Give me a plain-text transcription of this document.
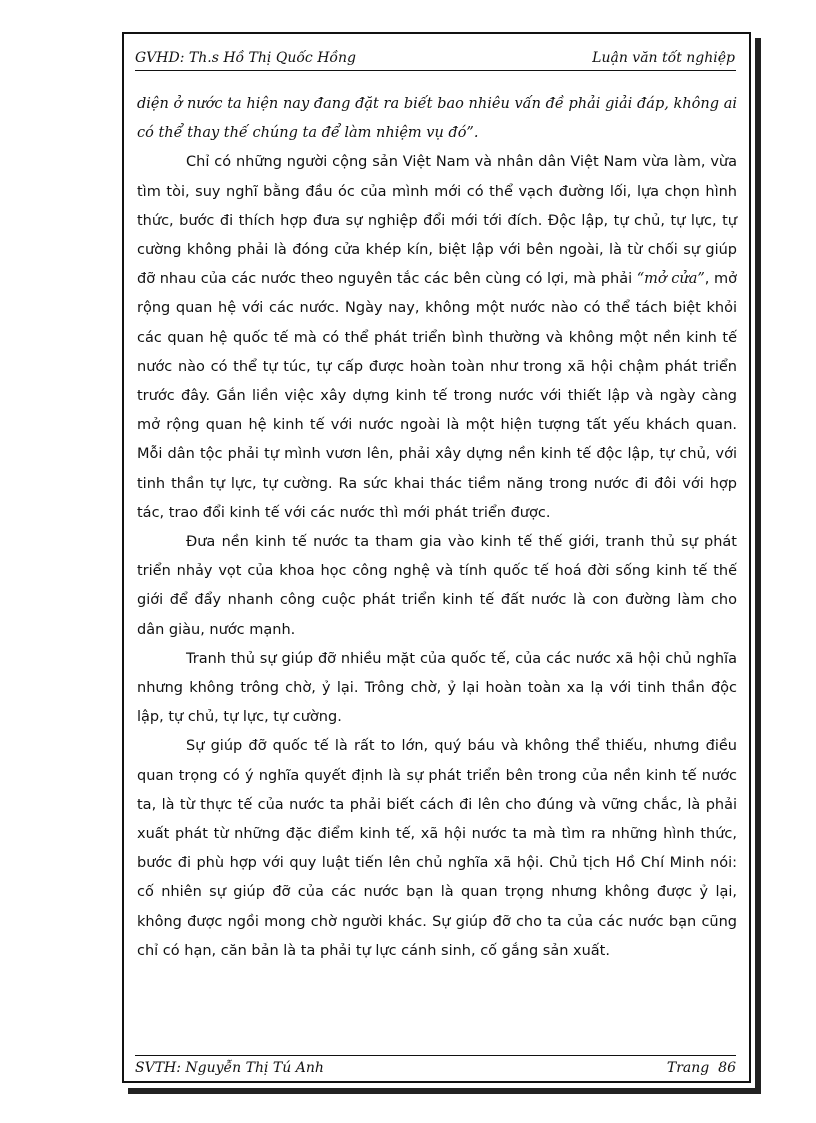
GVHD: Th.s Hồ Thị Quốc Hồng	Luận văn tốt nghiệp

diện ở nước ta hiện nay đang đặt ra biết bao nhiêu vấn đề phải giải đáp, không ai có thể thay thế chúng ta để làm nhiệm vụ đó”.

Chỉ có những người cộng sản Việt Nam và nhân dân Việt Nam vừa làm, vừa tìm tòi, suy nghĩ bằng đầu óc của mình mới có thể vạch đường lối, lựa chọn hình thức, bước đi thích hợp đưa sự nghiệp đổi mới tới đích. Độc lập, tự chủ, tự lực, tự cường không phải là đóng cửa khép kín, biệt lập với bên ngoài, là từ chối sự giúp đỡ nhau của các nước theo nguyên tắc các bên cùng có lợi, mà phải “mở cửa”, mở rộng quan hệ với các nước. Ngày nay, không một nước nào có thể tách biệt khỏi các quan hệ quốc tế mà có thể phát triển bình thường và không một nền kinh tế nước nào có thể tự túc, tự cấp được hoàn toàn như trong xã hội chậm phát triển trước đây. Gắn liền việc xây dựng kinh tế trong nước với thiết lập và ngày càng mở rộng quan hệ kinh tế với nước ngoài là một hiện tượng tất yếu khách quan. Mỗi dân tộc phải tự mình vươn lên, phải xây dựng nền kinh tế độc lập, tự chủ, với tinh thần tự lực, tự cường. Ra sức khai thác tiềm năng trong nước đi đôi với hợp tác, trao đổi kinh tế với các nước thì mới phát triển được.

Đưa nền kinh tế nước ta tham gia vào kinh tế thế giới, tranh thủ sự phát triển nhảy vọt của khoa học công nghệ và tính quốc tế hoá đời sống kinh tế thế giới để đẩy nhanh công cuộc phát triển kinh tế đất nước là con đường làm cho dân giàu, nước mạnh.

Tranh thủ sự giúp đỡ nhiều mặt của quốc tế, của các nước xã hội chủ nghĩa nhưng không trông chờ, ỷ lại. Trông chờ, ỷ lại hoàn toàn xa lạ với tinh thần độc lập, tự chủ, tự lực, tự cường.

Sự giúp đỡ quốc tế là rất to lớn, quý báu và không thể thiếu, nhưng điều quan trọng có ý nghĩa quyết định là sự phát triển bên trong của nền kinh tế nước ta, là từ thực tế của nước ta phải biết cách đi lên cho đúng và vững chắc, là phải xuất phát từ những đặc điểm kinh tế, xã hội nước ta mà tìm ra những hình thức, bước đi phù hợp với quy luật tiến lên chủ nghĩa xã hội. Chủ tịch Hồ Chí Minh nói: cố nhiên sự giúp đỡ của các nước bạn là quan trọng nhưng không được ỷ lại, không được ngồi mong chờ người khác. Sự giúp đỡ cho ta của các nước bạn cũng chỉ có hạn, căn bản là ta phải tự lực cánh sinh, cố gắng sản xuất.

SVTH: Nguyễn Thị Tú Anh	Trang 86
